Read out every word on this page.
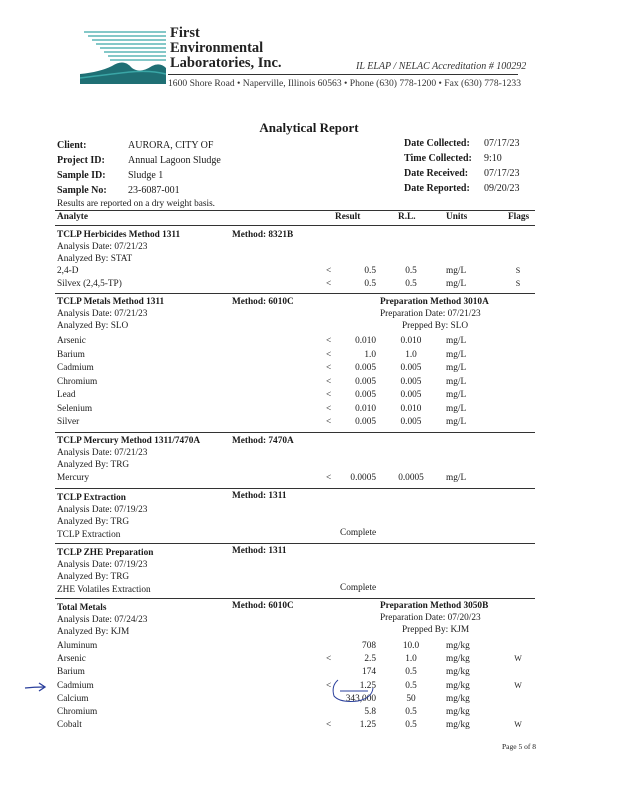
First
Environmental
Laboratories, Inc.	IL ELAP / NELAC Accreditation # 100292
1600 Shore Road • Naperville, Illinois 60563 • Phone (630) 778-1200 • Fax (630) 778-1233
Analytical Report
Client:	AURORA, CITY OF
Project ID: Annual Lagoon Sludge
Sample ID: Sludge 1
Sample No: 23-6087-001
Date Collected: 07/17/23
Time Collected: 9:10
Date Received: 07/17/23
Date Reported: 09/20/23
Results are reported on a dry weight basis.
Analyte	Result	R.L.	Units	Flags
TCLP Herbicides Method 1311	Method: 8321B
Analysis Date: 07/21/23
Analyzed By: STAT
2,4-D	<	0.5	0.5	mg/L	S
Silvex (2,4,5-TP)	<	0.5	0.5	mg/L	S
TCLP Metals Method 1311	Method: 6010C	Preparation Method 3010A
Preparation Date: 07/21/23
Prepped By: SLO
Analysis Date: 07/21/23
Analyzed By: SLO
Arsenic	<	0.010	0.010	mg/L
Barium	<	1.0	1.0	mg/L
Cadmium	<	0.005	0.005	mg/L
Chromium	<	0.005	0.005	mg/L
Lead	<	0.005	0.005	mg/L
Selenium	<	0.010	0.010	mg/L
Silver	<	0.005	0.005	mg/L
TCLP Mercury Method 1311/7470A	Method: 7470A
Analysis Date: 07/21/23
Analyzed By: TRG
Mercury	<	0.0005	0.0005	mg/L
TCLP Extraction	Method: 1311
Analysis Date: 07/19/23
Analyzed By: TRG
TCLP Extraction	Complete
TCLP ZHE Preparation	Method: 1311
Analysis Date: 07/19/23
Analyzed By: TRG
ZHE Volatiles Extraction	Complete
Total Metals	Method: 6010C	Preparation Method 3050B
Preparation Date: 07/20/23
Prepped By: KJM
Analysis Date: 07/24/23
Analyzed By: KJM
Aluminum	708	10.0	mg/kg
Arsenic	<	2.5	1.0	mg/kg	W
Barium	174	0.5	mg/kg
Cadmium	<	1.25	0.5	mg/kg	W
Calcium	343,000	50	mg/kg
Chromium	5.8	0.5	mg/kg
Cobalt	<	1.25	0.5	mg/kg	W
Page 5 of 8
